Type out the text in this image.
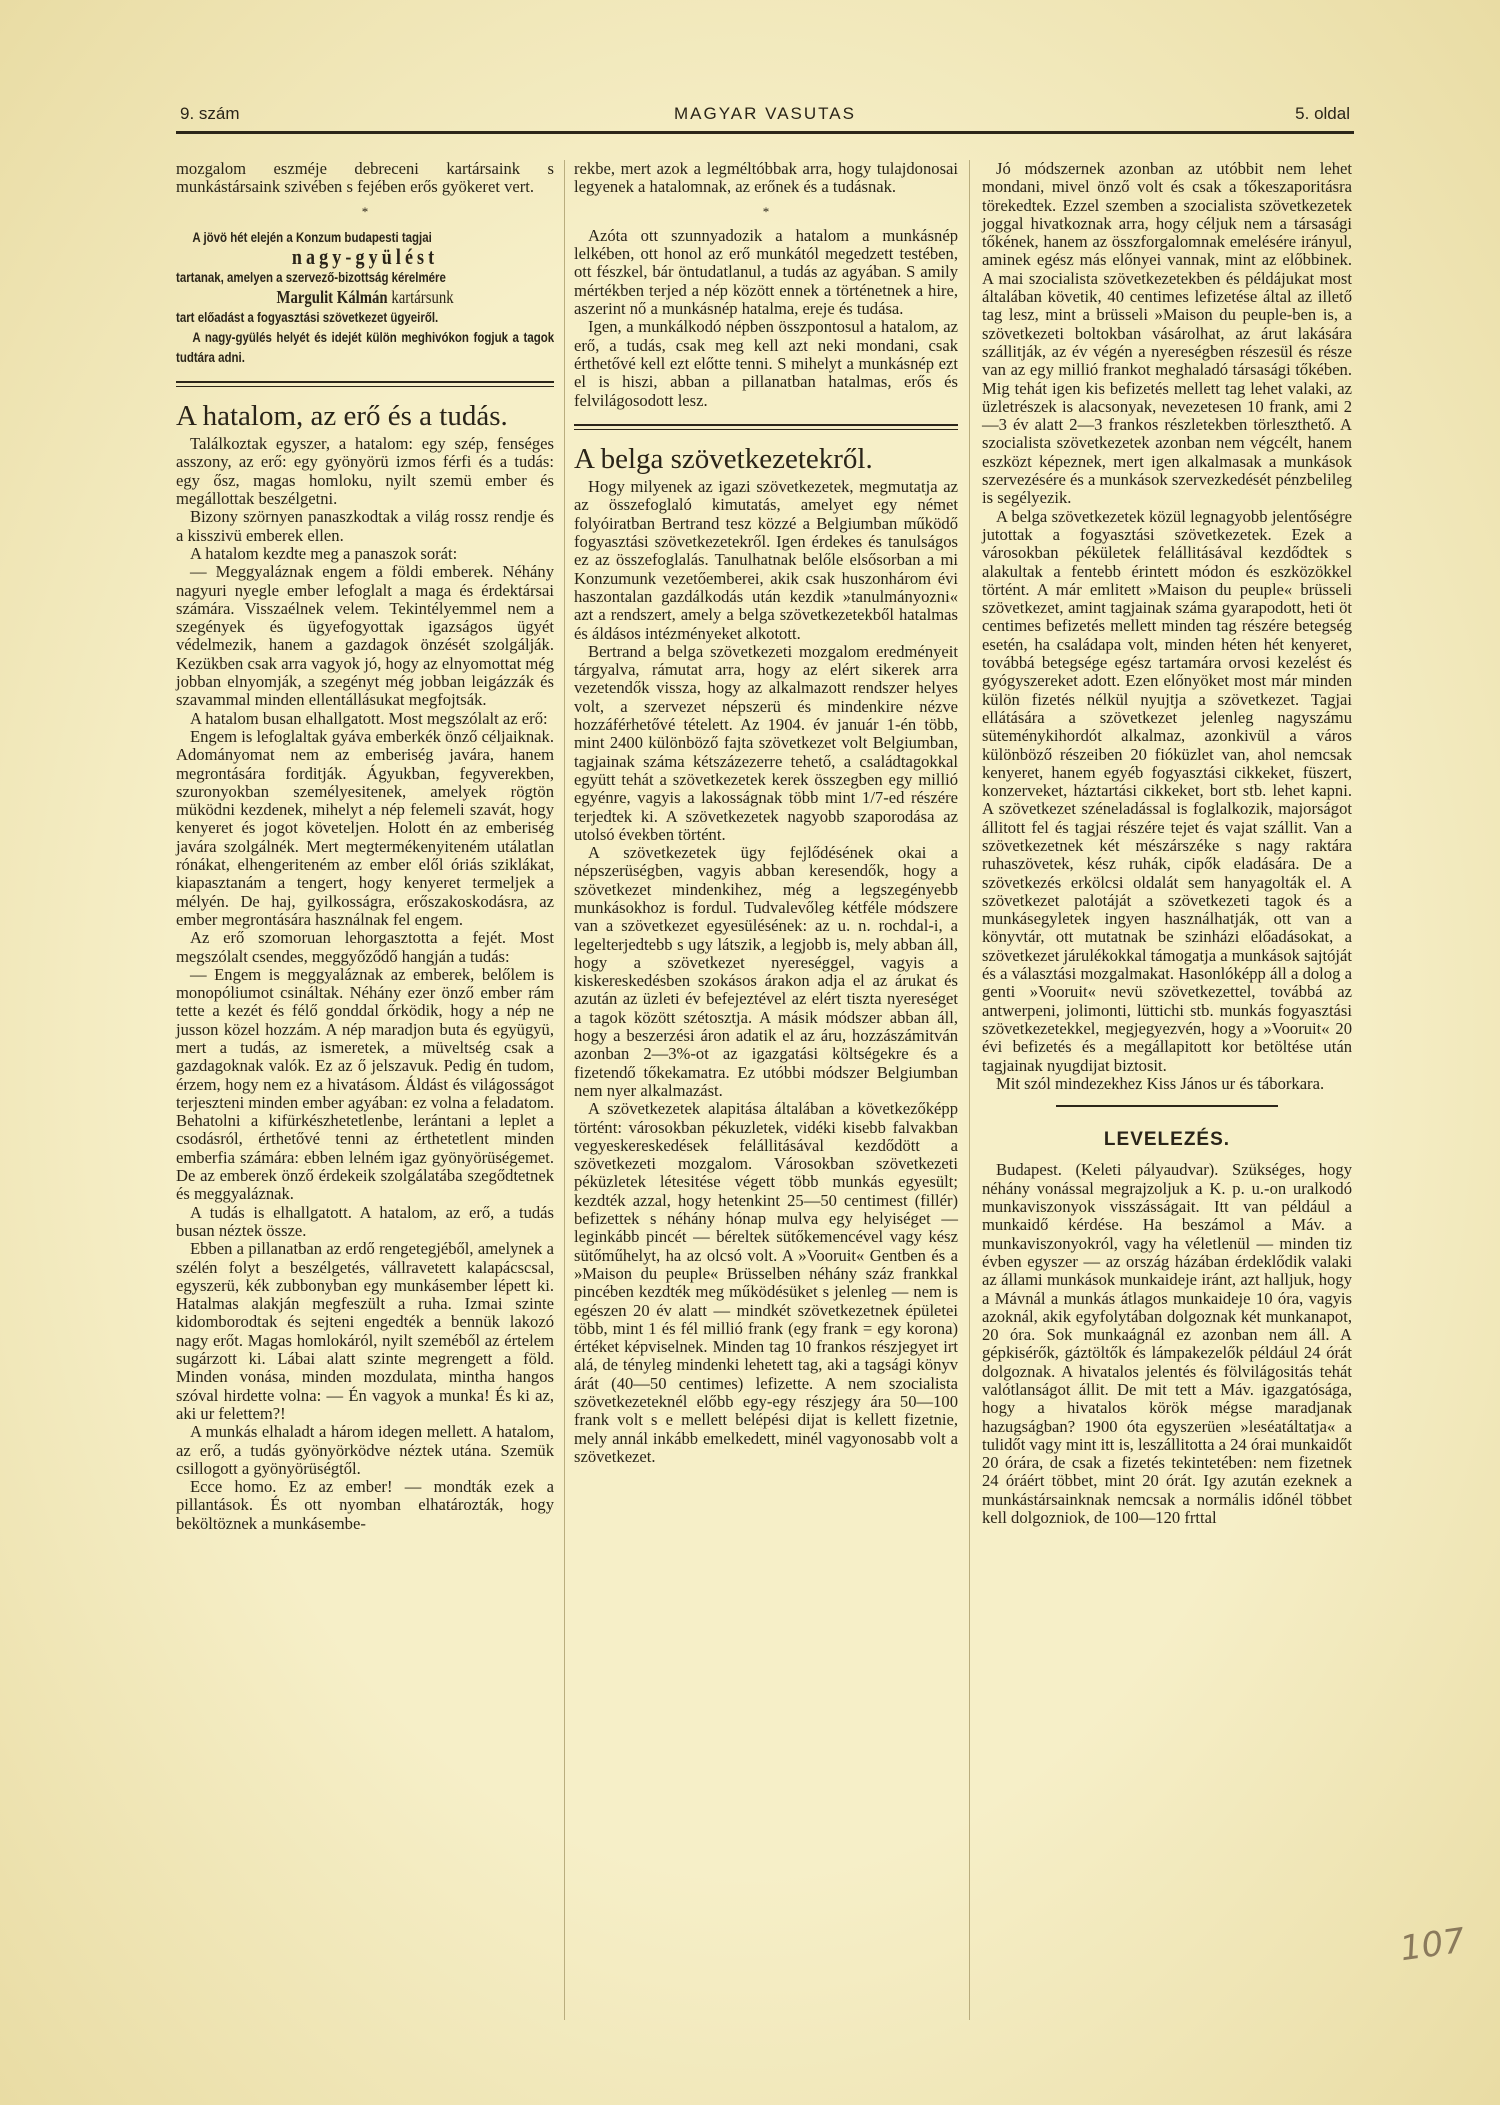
9. szám	MAGYAR VASUTAS	5. oldal

mozgalom eszméje debreceni kartársaink s munkástársaink szivében s fejében erős gyökeret vert.

*

A jövö hét elején a Konzum budapesti tagjai

nagy-gyülést

tartanak, amelyen a szervező-bizottság kérelmére

Margulit Kálmán kartársunk

tart előadást a fogyasztási szövetkezet ügyeiről.

A nagy-gyülés helyét és idejét külön meghivókon fogjuk a tagok tudtára adni.

A hatalom, az erő és a tudás.

Találkoztak egyszer, a hatalom: egy szép, fenséges asszony, az erő: egy gyönyörü izmos férfi és a tudás: egy ősz, magas homloku, nyilt szemü ember és megállottak beszélgetni.

Bizony szörnyen panaszkodtak a világ rossz rendje és a kisszivü emberek ellen.

A hatalom kezdte meg a panaszok sorát:

— Meggyaláznak engem a földi emberek. Néhány nagyuri nyegle ember lefoglalt a maga és érdektársai számára. Visszaélnek velem. Tekintélyemmel nem a szegények és ügyefogyottak igazságos ügyét védelmezik, hanem a gazdagok önzését szolgálják. Kezükben csak arra vagyok jó, hogy az elnyomottat még jobban elnyomják, a szegényt még jobban leigázzák és szavammal minden ellentállásukat megfojtsák.

A hatalom busan elhallgatott. Most megszólalt az erő:

Engem is lefoglaltak gyáva emberkék önző céljaiknak. Adományomat nem az emberiség javára, hanem megrontására forditják. Ágyukban, fegyverekben, szuronyokban személyesitenek, amelyek rögtön müködni kezdenek, mihelyt a nép felemeli szavát, hogy kenyeret és jogot követeljen. Holott én az emberiség javára szolgálnék. Mert megtermékenyiteném utálatlan rónákat, elhengeriteném az ember elől óriás sziklákat, kiapasztanám a tengert, hogy kenyeret termeljek a mélyén. De haj, gyilkosságra, erőszakoskodásra, az ember megrontására használnak fel engem.

Az erő szomoruan lehorgasztotta a fejét. Most megszólalt csendes, meggyőződő hangján a tudás:

— Engem is meggyaláznak az emberek, belőlem is monopóliumot csináltak. Néhány ezer önző ember rám tette a kezét és félő gonddal őrködik, hogy a nép ne jusson közel hozzám. A nép maradjon buta és együgyü, mert a tudás, az ismeretek, a müveltség csak a gazdagoknak valók. Ez az ő jelszavuk. Pedig én tudom, érzem, hogy nem ez a hivatásom. Áldást és világosságot terjeszteni minden ember agyában: ez volna a feladatom. Behatolni a kifürkészhetetlenbe, lerántani a leplet a csodásról, érthetővé tenni az érthetetlent minden emberfia számára: ebben lelném igaz gyönyörüségemet. De az emberek önző érdekeik szolgálatába szegődtetnek és meggyaláznak.

A tudás is elhallgatott. A hatalom, az erő, a tudás busan néztek össze.

Ebben a pillanatban az erdő rengetegjéből, amelynek a szélén folyt a beszélgetés, vállravetett kalapácscsal, egyszerü, kék zubbonyban egy munkásember lépett ki. Hatalmas alakján megfeszült a ruha. Izmai szinte kidomborodtak és sejteni engedték a bennük lakozó nagy erőt. Magas homlokáról, nyilt szeméből az értelem sugárzott ki. Lábai alatt szinte megrengett a föld. Minden vonása, minden mozdulata, mintha hangos szóval hirdette volna: — Én vagyok a munka! És ki az, aki ur felettem?!

A munkás elhaladt a három idegen mellett. A hatalom, az erő, a tudás gyönyörködve néztek utána. Szemük csillogott a gyönyörüségtől.

Ecce homo. Ez az ember! — mondták ezek a pillantások. És ott nyomban elhatározták, hogy beköltöznek a munkásembe-

rekbe, mert azok a legméltóbbak arra, hogy tulajdonosai legyenek a hatalomnak, az erőnek és a tudásnak.

*

Azóta ott szunnyadozik a hatalom a munkásnép lelkében, ott honol az erő munkától megedzett testében, ott fészkel, bár öntudatlanul, a tudás az agyában. S amily mértékben terjed a nép között ennek a történetnek a hire, aszerint nő a munkásnép hatalma, ereje és tudása.

Igen, a munkálkodó népben összpontosul a hatalom, az erő, a tudás, csak meg kell azt neki mondani, csak érthetővé kell ezt előtte tenni. S mihelyt a munkásnép ezt el is hiszi, abban a pillanatban hatalmas, erős és felvilágosodott lesz.

A belga szövetkezetekről.

Hogy milyenek az igazi szövetkezetek, megmutatja az az összefoglaló kimutatás, amelyet egy német folyóiratban Bertrand tesz közzé a Belgiumban működő fogyasztási szövetkezetekről. Igen érdekes és tanulságos ez az összefoglalás. Tanulhatnak belőle elsősorban a mi Konzumunk vezetőemberei, akik csak huszonhárom évi haszontalan gazdálkodás után kezdik »tanulmányozni« azt a rendszert, amely a belga szövetkezetekből hatalmas és áldásos intézményeket alkotott.

Bertrand a belga szövetkezeti mozgalom eredményeit tárgyalva, rámutat arra, hogy az elért sikerek arra vezetendők vissza, hogy az alkalmazott rendszer helyes volt, a szervezet népszerü és mindenkire nézve hozzáférhetővé tételett. Az 1904. év január 1-én több, mint 2400 különböző fajta szövetkezet volt Belgiumban, tagjainak száma kétszázezerre tehető, a családtagokkal együtt tehát a szövetkezetek kerek összegben egy millió egyénre, vagyis a lakosságnak több mint 1/7-ed részére terjedtek ki. A szövetkezetek nagyobb szaporodása az utolsó években történt.

A szövetkezetek ügy fejlődésének okai a népszerüségben, vagyis abban keresendők, hogy a szövetkezet mindenkihez, még a legszegényebb munkásokhoz is fordul. Tudvalevőleg kétféle módszere van a szövetkezet egyesülésének: az u. n. rochdal-i, a legelterjedtebb s ugy látszik, a legjobb is, mely abban áll, hogy a szövetkezet nyereséggel, vagyis a kiskereskedésben szokásos árakon adja el az árukat és azután az üzleti év befejeztével az elért tiszta nyereséget a tagok között szétosztja. A másik módszer abban áll, hogy a beszerzési áron adatik el az áru, hozzászámitván azonban 2—3%-ot az igazgatási költségekre és a fizetendő tőkekamatra. Ez utóbbi módszer Belgiumban nem nyer alkalmazást.

A szövetkezetek alapitása általában a következőképp történt: városokban pékuzletek, vidéki kisebb falvakban vegyeskereskedések felállitásával kezdődött a szövetkezeti mozgalom. Városokban szövetkezeti péküzletek létesitése végett több munkás egyesült; kezdték azzal, hogy hetenkint 25—50 centimest (fillér) befizettek s néhány hónap mulva egy helyiséget — leginkább pincét — béreltek sütőkemencével vagy kész sütőműhelyt, ha az olcsó volt. A »Vooruit« Gentben és a »Maison du peuple« Brüsselben néhány száz frankkal pincében kezdték meg működésüket s jelenleg — nem is egészen 20 év alatt — mindkét szövetkezetnek épületei több, mint 1 és fél millió frank (egy frank = egy korona) értéket képviselnek. Minden tag 10 frankos részjegyet irt alá, de tényleg mindenki lehetett tag, aki a tagsági könyv árát (40—50 centimes) lefizette. A nem szocialista szövetkezeteknél előbb egy-egy részjegy ára 50—100 frank volt s e mellett belépési dijat is kellett fizetnie, mely annál inkább emelkedett, minél vagyonosabb volt a szövetkezet.

Jó módszernek azonban az utóbbit nem lehet mondani, mivel önző volt és csak a tőkeszaporitásra törekedtek. Ezzel szemben a szocialista szövetkezetek joggal hivatkoznak arra, hogy céljuk nem a társasági tőkének, hanem az összforgalomnak emelésére irányul, aminek egész más előnyei vannak, mint az előbbinek. A mai szocialista szövetkezetekben és példájukat most általában követik, 40 centimes lefizetése által az illető tag lesz, mint a brüsseli »Maison du peuple-ben is, a szövetkezeti boltokban vásárolhat, az árut lakására szállitják, az év végén a nyereségben részesül és része van az egy millió frankot meghaladó társasági tőkében. Mig tehát igen kis befizetés mellett tag lehet valaki, az üzletrészek is alacsonyak, nevezetesen 10 frank, ami 2—3 év alatt 2—3 frankos részletekben törleszthető. A szocialista szövetkezetek azonban nem végcélt, hanem eszközt képeznek, mert igen alkalmasak a munkások szervezésére és a munkások szervezkedését pénzbelileg is segélyezik.

A belga szövetkezetek közül legnagyobb jelentőségre jutottak a fogyasztási szövetkezetek. Ezek a városokban pékületek felállitásával kezdődtek s alakultak a fentebb érintett módon és eszközökkel történt. A már emlitett »Maison du peuple« brüsseli szövetkezet, amint tagjainak száma gyarapodott, heti öt centimes befizetés mellett minden tag részére betegség esetén, ha családapa volt, minden héten hét kenyeret, továbbá betegsége egész tartamára orvosi kezelést és gyógyszereket adott. Ezen előnyöket most már minden külön fizetés nélkül nyujtja a szövetkezet. Tagjai ellátására a szövetkezet jelenleg nagyszámu süteménykihordót alkalmaz, azonkivül a város különböző részeiben 20 fióküzlet van, ahol nemcsak kenyeret, hanem egyéb fogyasztási cikkeket, füszert, konzerveket, háztartási cikkeket, bort stb. lehet kapni. A szövetkezet széneladással is foglalkozik, majorságot állitott fel és tagjai részére tejet és vajat szállit. Van a szövetkezetnek két mészárszéke s nagy raktára ruhaszövetek, kész ruhák, cipők eladására. De a szövetkezés erkölcsi oldalát sem hanyagolták el. A szövetkezet palotáját a szövetkezeti tagok és a munkásegyletek ingyen használhatják, ott van a könyvtár, ott mutatnak be szinházi előadásokat, a szövetkezet járulékokkal támogatja a munkások sajtóját és a választási mozgalmakat. Hasonlóképp áll a dolog a genti »Vooruit« nevü szövetkezettel, továbbá az antwerpeni, jolimonti, lüttichi stb. munkás fogyasztási szövetkezetekkel, megjegyezvén, hogy a »Vooruit« 20 évi befizetés és a megállapitott kor betöltése után tagjainak nyugdijat biztosit.

Mit szól mindezekhez Kiss János ur és táborkara.

LEVELEZÉS.

Budapest. (Keleti pályaudvar). Szükséges, hogy néhány vonással megrajzoljuk a K. p. u.-on uralkodó munkaviszonyok visszásságait. Itt van például a munkaidő kérdése. Ha beszámol a Máv. a munkaviszonyokról, vagy ha véletlenül — minden tiz évben egyszer — az ország házában érdeklődik valaki az állami munkások munkaideje iránt, azt halljuk, hogy a Mávnál a munkás átlagos munkaideje 10 óra, vagyis azoknál, akik egyfolytában dolgoznak két munkanapot, 20 óra. Sok munkaágnál ez azonban nem áll. A gépkisérők, gáztöltők és lámpakezelők például 24 órát dolgoznak. A hivatalos jelentés és fölvilágositás tehát valótlanságot állit. De mit tett a Máv. igazgatósága, hogy a hivatalos körök mégse maradjanak hazugságban? 1900 óta egyszerüen »leséatáltatja« a tulidőt vagy mint itt is, leszállitotta a 24 órai munkaidőt 20 órára, de csak a fizetés tekintetében: nem fizetnek 24 óráért többet, mint 20 órát. Igy azután ezeknek a munkástársainknak nemcsak a normális időnél többet kell dolgozniok, de 100—120 frttal

107
